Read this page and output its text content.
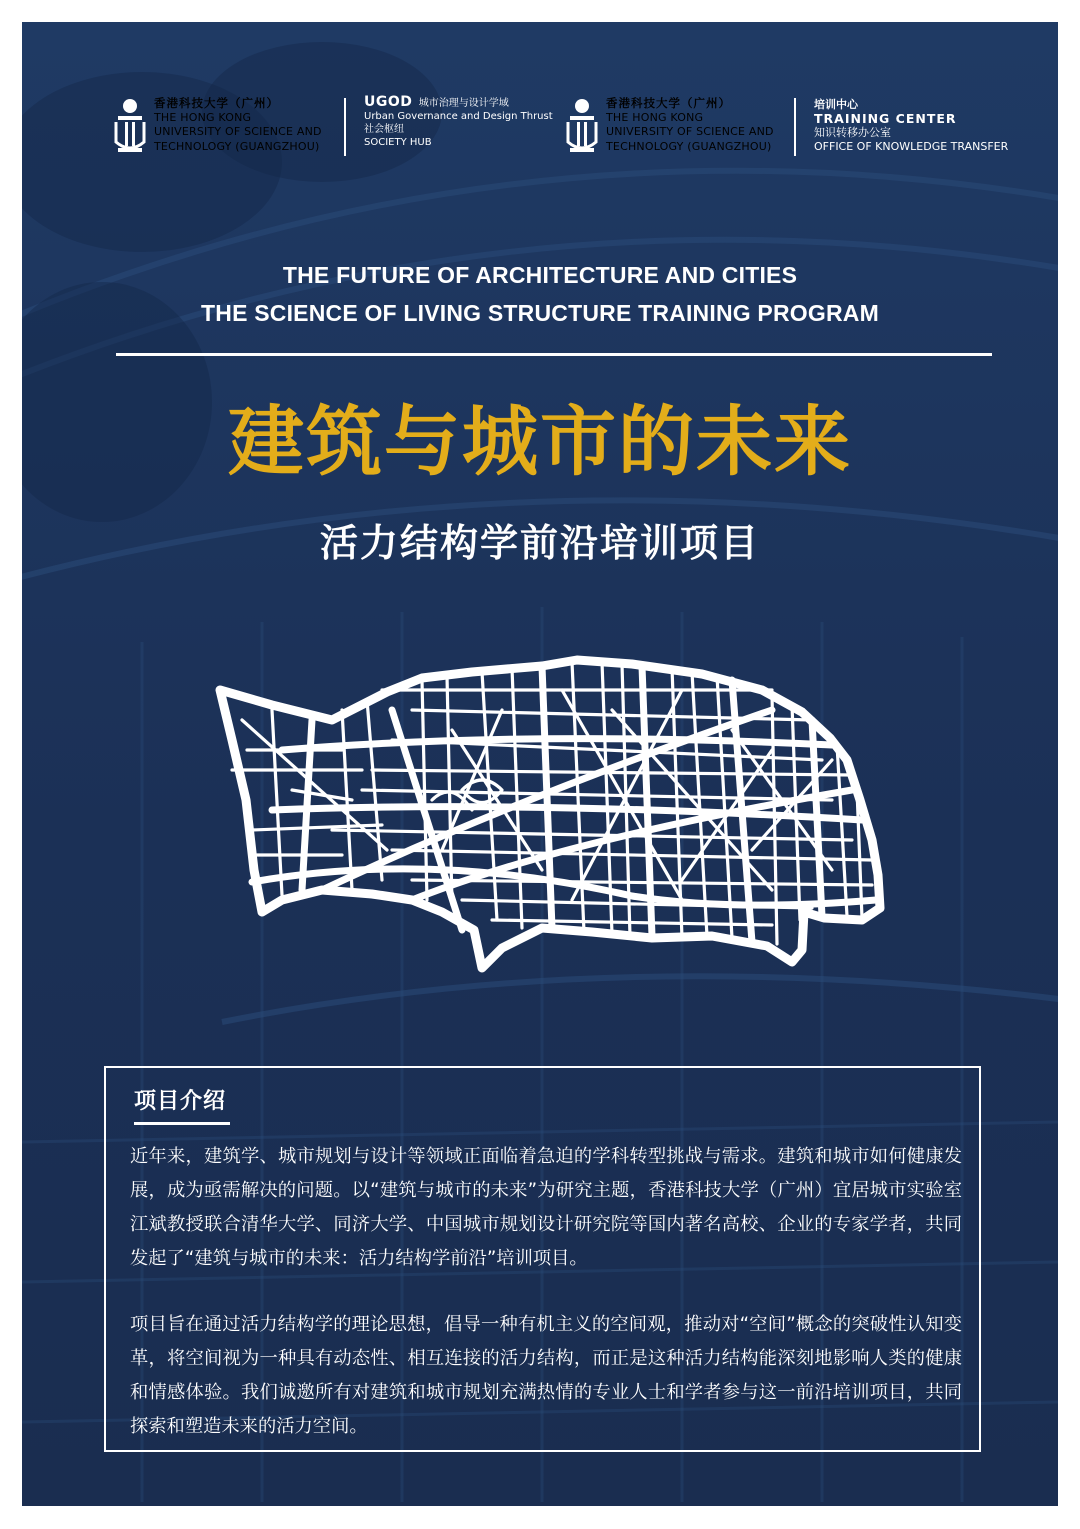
香港科技大学（广州）
THE HONG KONG
UNIVERSITY OF SCIENCE AND
TECHNOLOGY (GUANGZHOU)
UGOD 城市治理与设计学域
Urban Governance and Design Thrust
社会枢纽
SOCIETY HUB
香港科技大学（广州）
THE HONG KONG
UNIVERSITY OF SCIENCE AND
TECHNOLOGY (GUANGZHOU)
培训中心
TRAINING CENTER
知识转移办公室
OFFICE OF KNOWLEDGE TRANSFER
THE FUTURE OF ARCHITECTURE AND CITIES
THE SCIENCE OF LIVING STRUCTURE TRAINING PROGRAM
建筑与城市的未来
活力结构学前沿培训项目
项目介绍

近年来，建筑学、城市规划与设计等领域正面临着急迫的学科转型挑战与需求。建筑和城市如何健康发展，成为亟需解决的问题。以“建筑与城市的未来”为研究主题，香港科技大学（广州）宜居城市实验室江斌教授联合清华大学、同济大学、中国城市规划设计研究院等国内著名高校、企业的专家学者，共同发起了“建筑与城市的未来：活力结构学前沿”培训项目。

项目旨在通过活力结构学的理论思想，倡导一种有机主义的空间观，推动对“空间”概念的突破性认知变革，将空间视为一种具有动态性、相互连接的活力结构，而正是这种活力结构能深刻地影响人类的健康和情感体验。我们诚邀所有对建筑和城市规划充满热情的专业人士和学者参与这一前沿培训项目，共同探索和塑造未来的活力空间。
